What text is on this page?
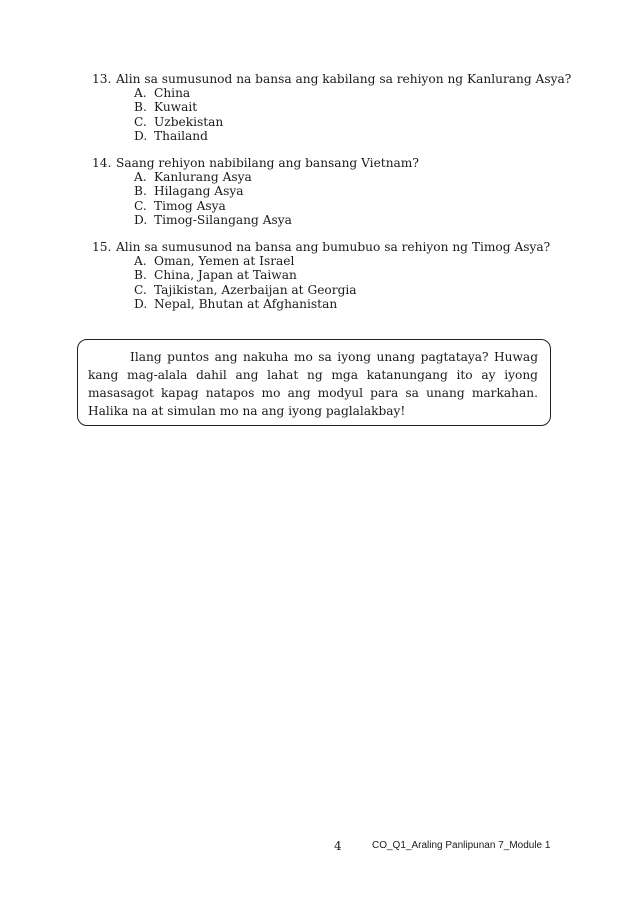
13. Alin sa sumusunod na bansa ang kabilang sa rehiyon ng Kanlurang Asya?
A. China
B. Kuwait
C. Uzbekistan
D. Thailand
14. Saang rehiyon nabibilang ang bansang Vietnam?
A. Kanlurang Asya
B. Hilagang Asya
C. Timog Asya
D. Timog-Silangang Asya
15. Alin sa sumusunod na bansa ang bumubuo sa rehiyon ng Timog Asya?
A. Oman, Yemen at Israel
B. China, Japan at Taiwan
C. Tajikistan, Azerbaijan at Georgia
D. Nepal, Bhutan at Afghanistan
Ilang puntos ang nakuha mo sa iyong unang pagtataya? Huwag kang mag-alala dahil ang lahat ng mga katanungang ito ay iyong masasagot kapag natapos mo ang modyul para sa unang markahan. Halika na at simulan mo na ang iyong paglalakbay!
4	CO_Q1_Araling Panlipunan 7_Module 1
